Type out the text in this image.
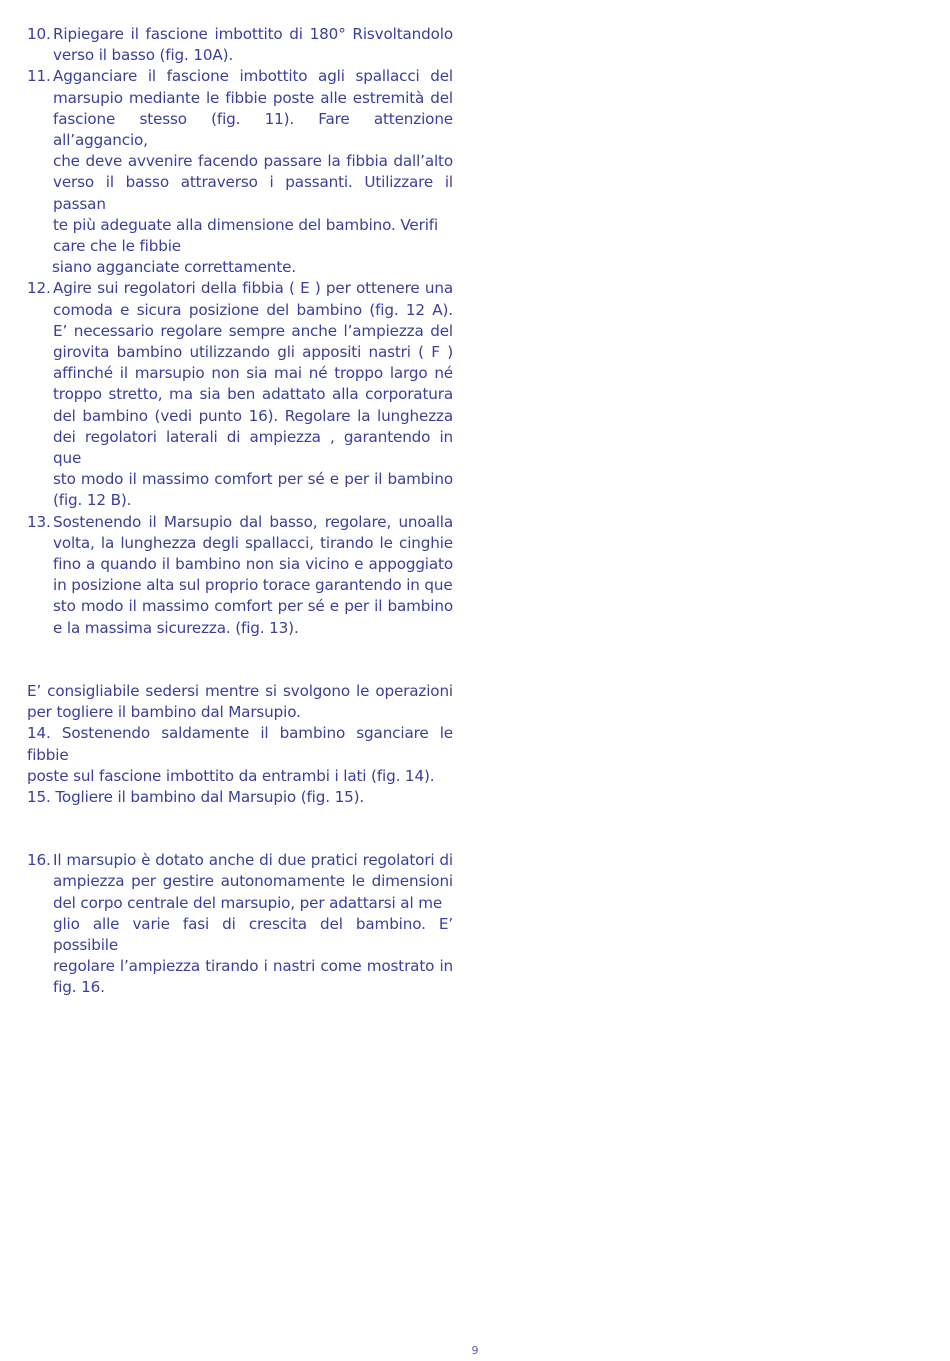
10. Ripiegare il fascione imbottito di 180° Risvoltandolo
verso il basso (fig. 10A).
11. Agganciare il fascione imbottito agli spallacci del
marsupio mediante le fibbie poste alle estremità del
fascione stesso (fig. 11). Fare attenzione all’aggancio,
che deve avvenire facendo passare la fibbia dall’alto
verso il basso attraverso i passanti. Utilizzare il passan
te più adeguate alla dimensione del bambino. Verifi
care che le fibbie
siano agganciate correttamente.
12. Agire sui regolatori della fibbia ( E ) per ottenere una
comoda e sicura posizione del bambino (fig. 12 A).
E’ necessario regolare sempre anche l’ampiezza del
girovita bambino utilizzando gli appositi nastri ( F )
affinché il marsupio non sia mai né troppo largo né
troppo stretto, ma sia ben adattato alla corporatura
del bambino (vedi punto 16). Regolare la lunghezza
dei regolatori laterali di ampiezza , garantendo in que
sto modo il massimo comfort per sé e per il bambino
(fig. 12 B).
13. Sostenendo il Marsupio dal basso, regolare, unoalla
volta, la lunghezza degli spallacci, tirando le cinghie
fino a quando il bambino non sia vicino e appoggiato
in posizione alta sul proprio torace garantendo in que
sto modo il massimo comfort per sé e per il bambino
e la massima sicurezza. (fig. 13).
E’ consigliabile sedersi mentre si svolgono le operazioni
per togliere il bambino dal Marsupio.
14. Sostenendo saldamente il bambino sganciare le fibbie
poste sul fascione imbottito da entrambi i lati (fig. 14).
15. Togliere il bambino dal Marsupio (fig. 15).
16. Il marsupio è dotato anche di due pratici regolatori di
ampiezza per gestire autonomamente le dimensioni
del corpo centrale del marsupio, per adattarsi al me
glio alle varie fasi di crescita del bambino. E’ possibile
regolare l’ampiezza tirando i nastri come mostrato in
fig. 16.
9
